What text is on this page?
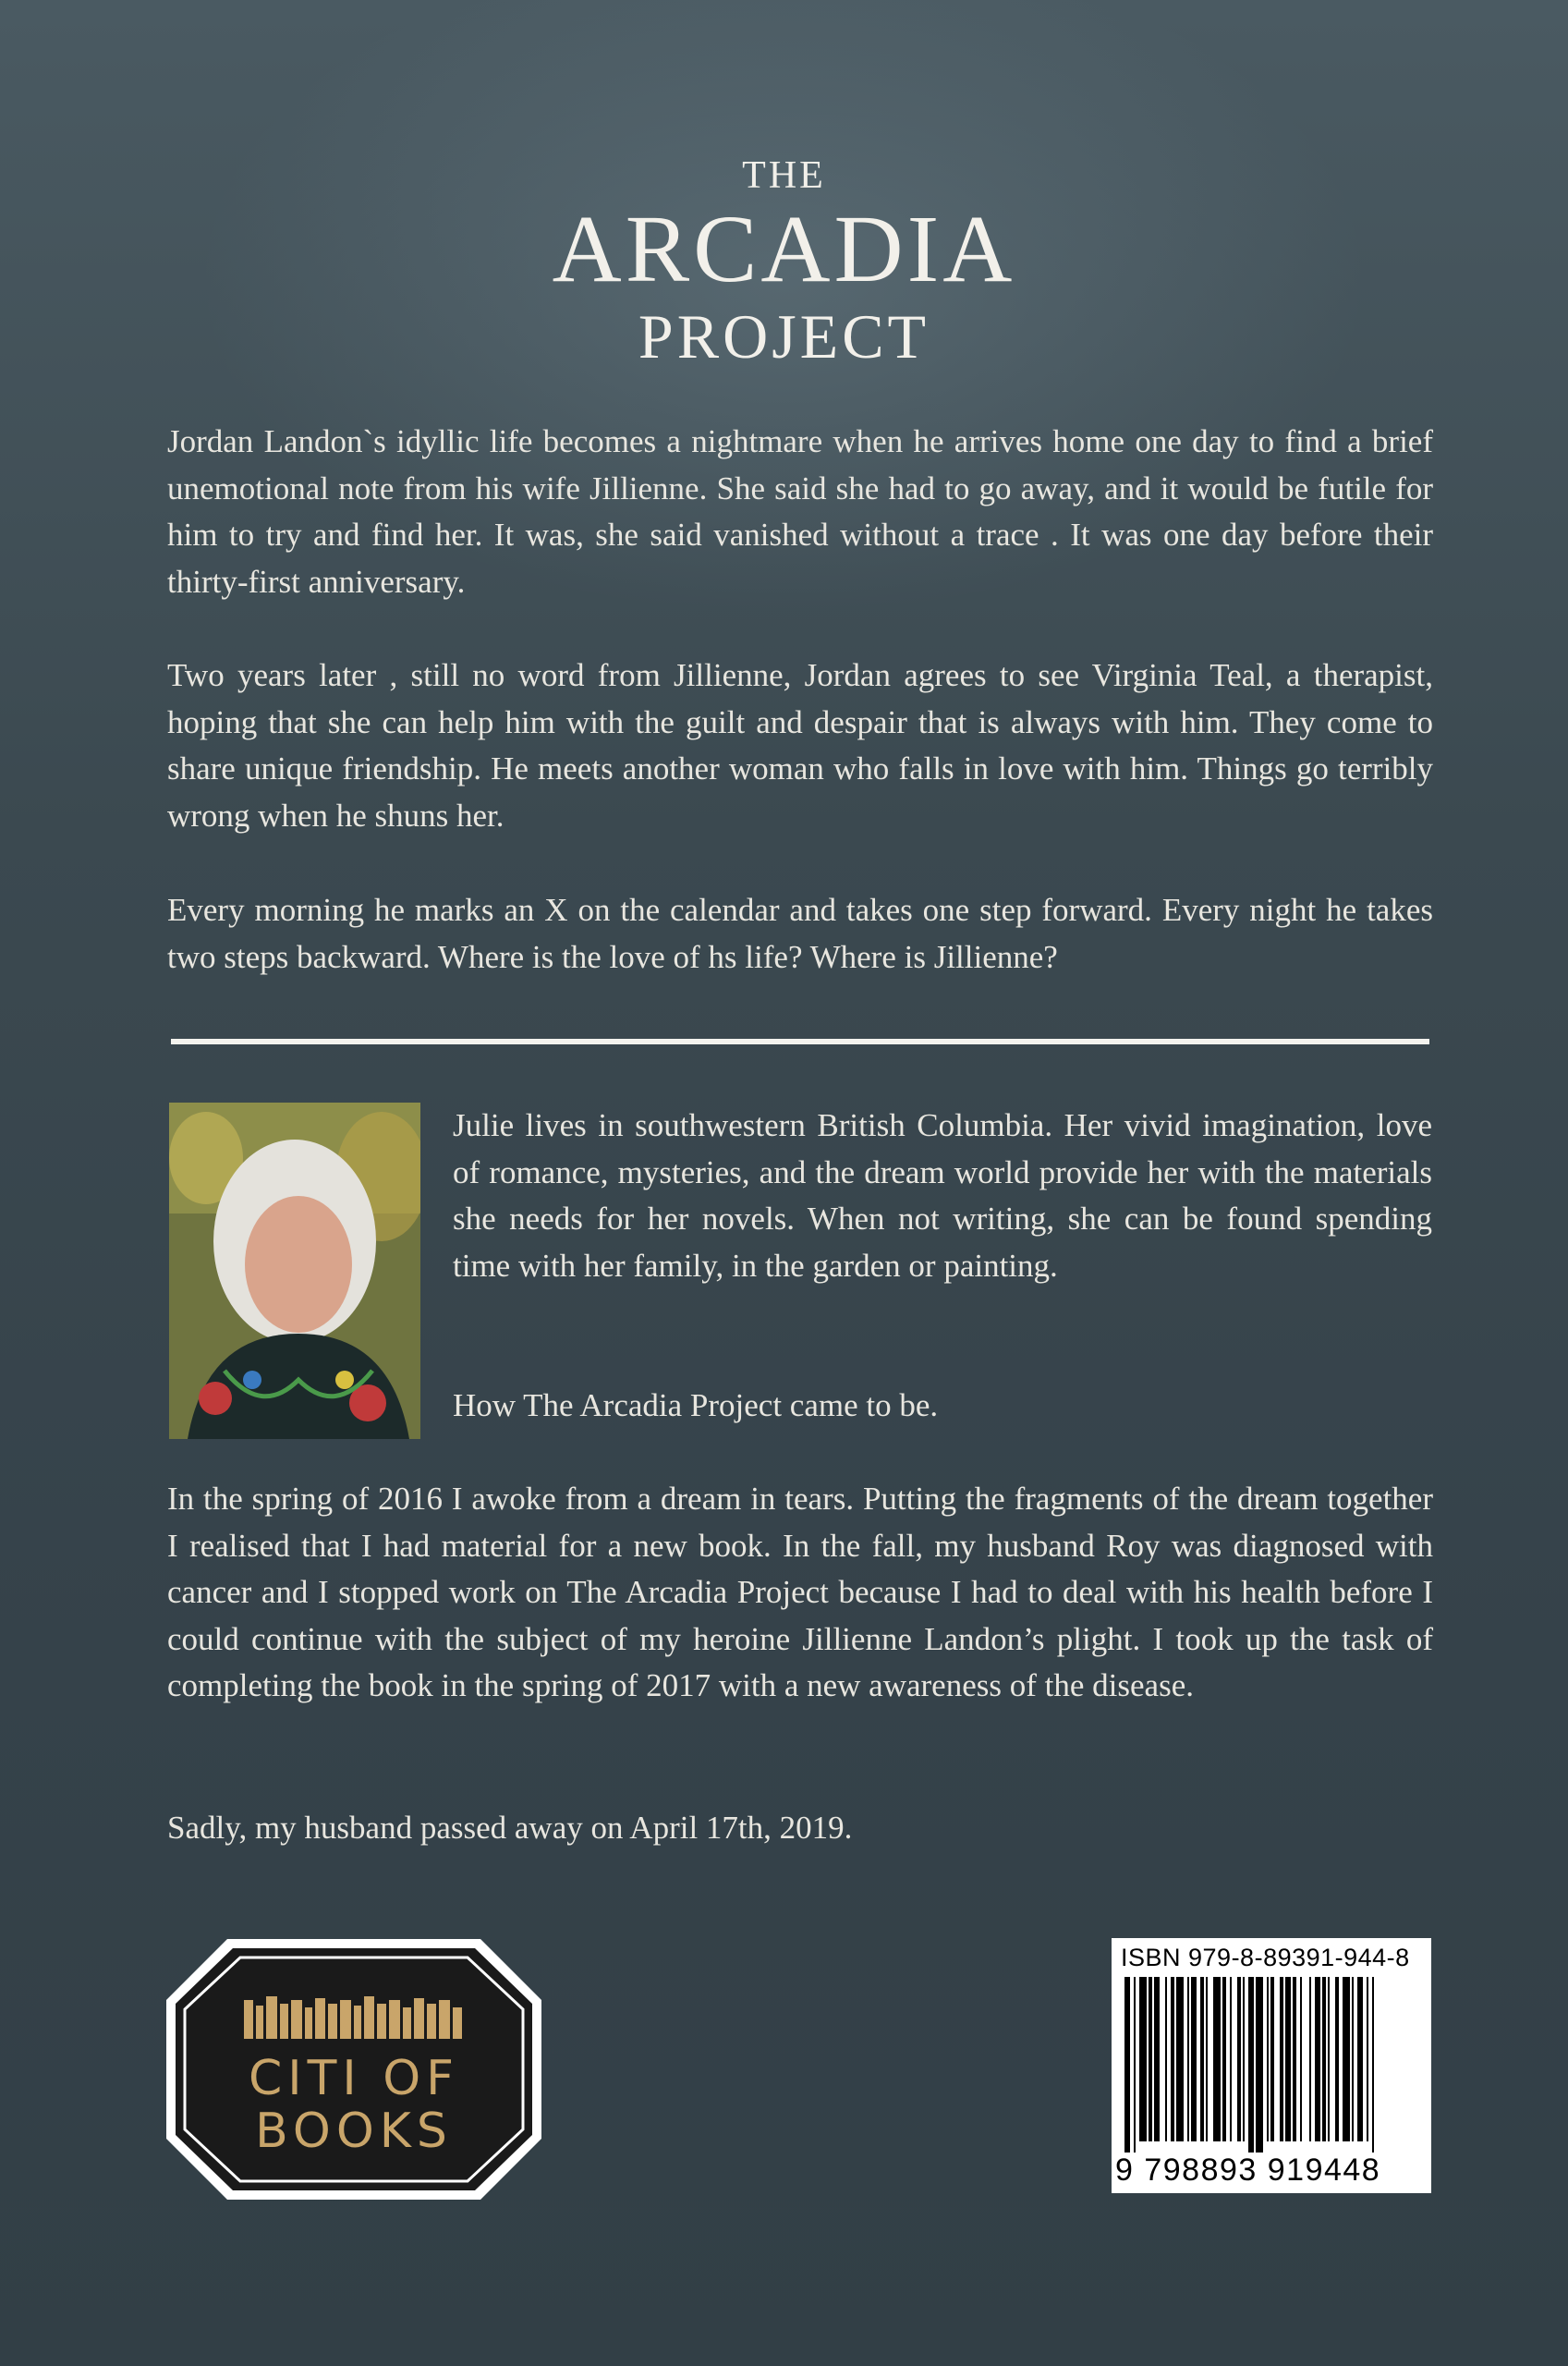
THE
ARCADIA
PROJECT
Jordan Landon`s idyllic life becomes a nightmare when he arrives home one day to find a brief unemotional note from his wife Jillienne. She said she had to go away, and it would be futile for him to try and find her. It was, she said vanished without a trace . It was one day before their thirty-first anniversary.
Two years later , still no word from Jillienne, Jordan agrees to see Virginia Teal, a therapist, hoping that she can help him with the guilt and despair that is always with him. They come to share unique friendship. He meets another woman who falls in love with him. Things go terribly wrong when he shuns her.
Every morning he marks an X on the calendar and takes one step forward. Every night he takes two steps backward. Where is the love of hs life? Where is Jillienne?
Julie lives in southwestern British Columbia. Her vivid imagination, love of romance, mysteries, and the dream world provide her with the materials she needs for her novels. When not writing, she can be found spending time with her family, in the garden or painting.
How The Arcadia Project came to be.
In the spring of 2016 I awoke from a dream in tears. Putting the fragments of the dream together I realised that I had material for a new book. In the fall, my husband Roy was diagnosed with cancer and I stopped work on The Arcadia Project because I had to deal with his health before I could continue with the subject of my heroine Jillienne Landon’s plight. I took up the task of completing the book in the spring of 2017 with a new awareness of the disease.
Sadly, my husband passed away on April 17th, 2019.
CITI OF
BOOKS
ISBN 979-8-89391-944-8
9 798893 919448
